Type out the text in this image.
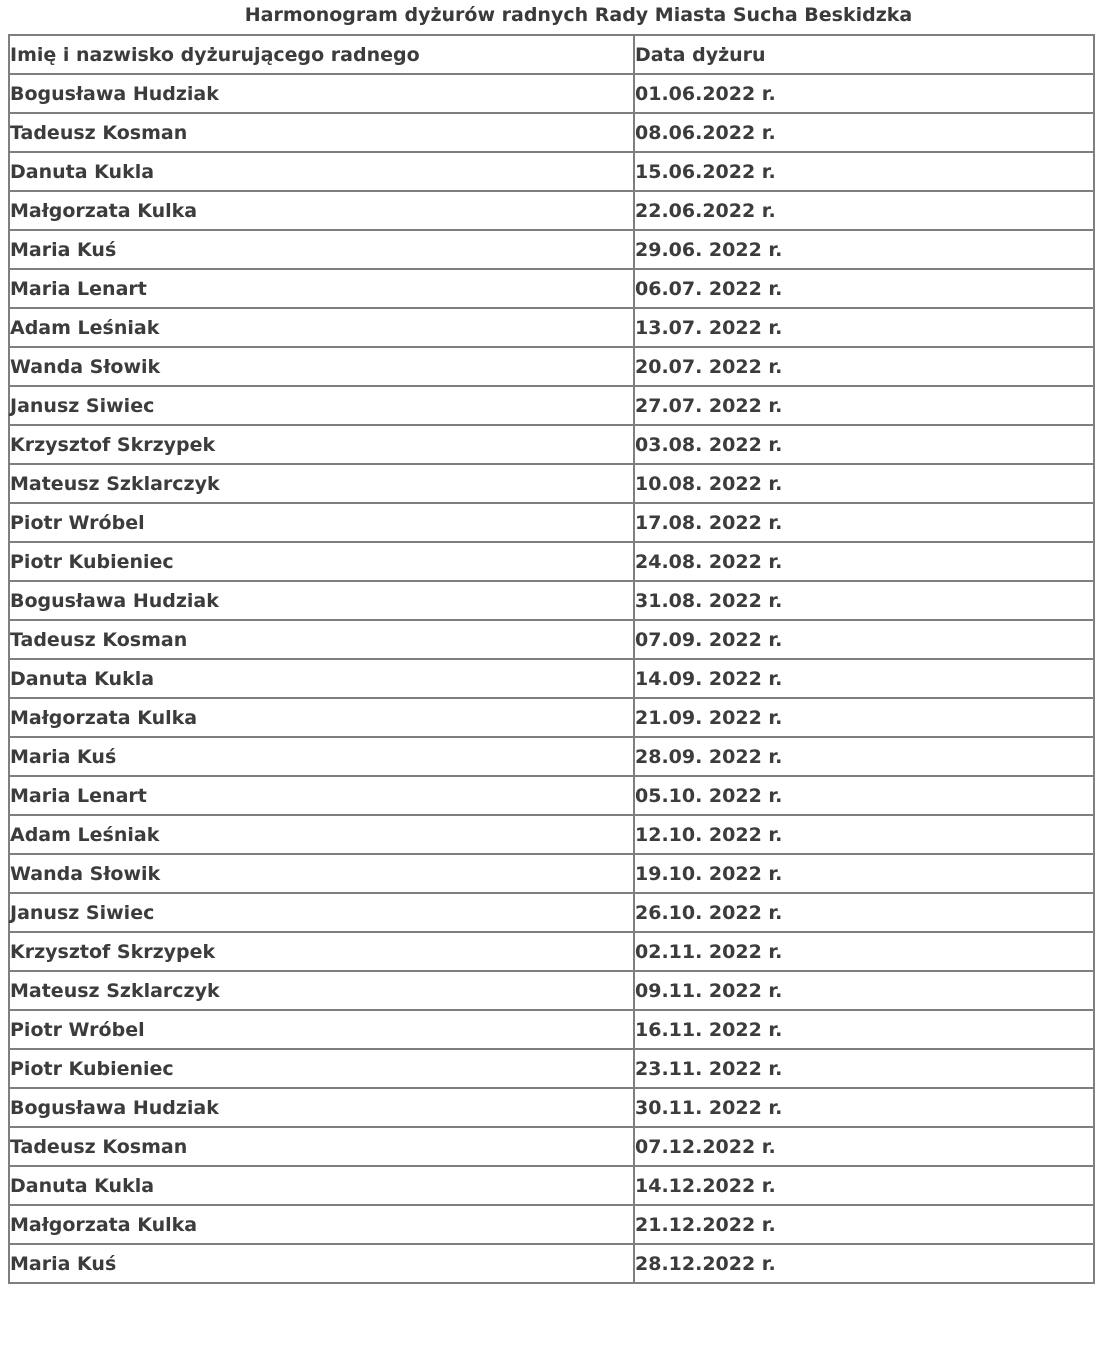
Harmonogram dyżurów radnych Rady Miasta Sucha Beskidzka
Imię i nazwisko dyżurującego radnego	Data dyżuru
Bogusława Hudziak	01.06.2022 r.
Tadeusz Kosman	08.06.2022 r.
Danuta Kukla	15.06.2022 r.
Małgorzata Kulka	22.06.2022 r.
Maria Kuś	29.06. 2022 r.
Maria Lenart	06.07. 2022 r.
Adam Leśniak	13.07. 2022 r.
Wanda Słowik	20.07. 2022 r.
Janusz Siwiec	27.07. 2022 r.
Krzysztof Skrzypek	03.08. 2022 r.
Mateusz Szklarczyk	10.08. 2022 r.
Piotr Wróbel	17.08. 2022 r.
Piotr Kubieniec	24.08. 2022 r.
Bogusława Hudziak	31.08. 2022 r.
Tadeusz Kosman	07.09. 2022 r.
Danuta Kukla	14.09. 2022 r.
Małgorzata Kulka	21.09. 2022 r.
Maria Kuś	28.09. 2022 r.
Maria Lenart	05.10. 2022 r.
Adam Leśniak	12.10. 2022 r.
Wanda Słowik	19.10. 2022 r.
Janusz Siwiec	26.10. 2022 r.
Krzysztof Skrzypek	02.11. 2022 r.
Mateusz Szklarczyk	09.11. 2022 r.
Piotr Wróbel	16.11. 2022 r.
Piotr Kubieniec	23.11. 2022 r.
Bogusława Hudziak	30.11. 2022 r.
Tadeusz Kosman	07.12.2022 r.
Danuta Kukla	14.12.2022 r.
Małgorzata Kulka	21.12.2022 r.
Maria Kuś	28.12.2022 r.
